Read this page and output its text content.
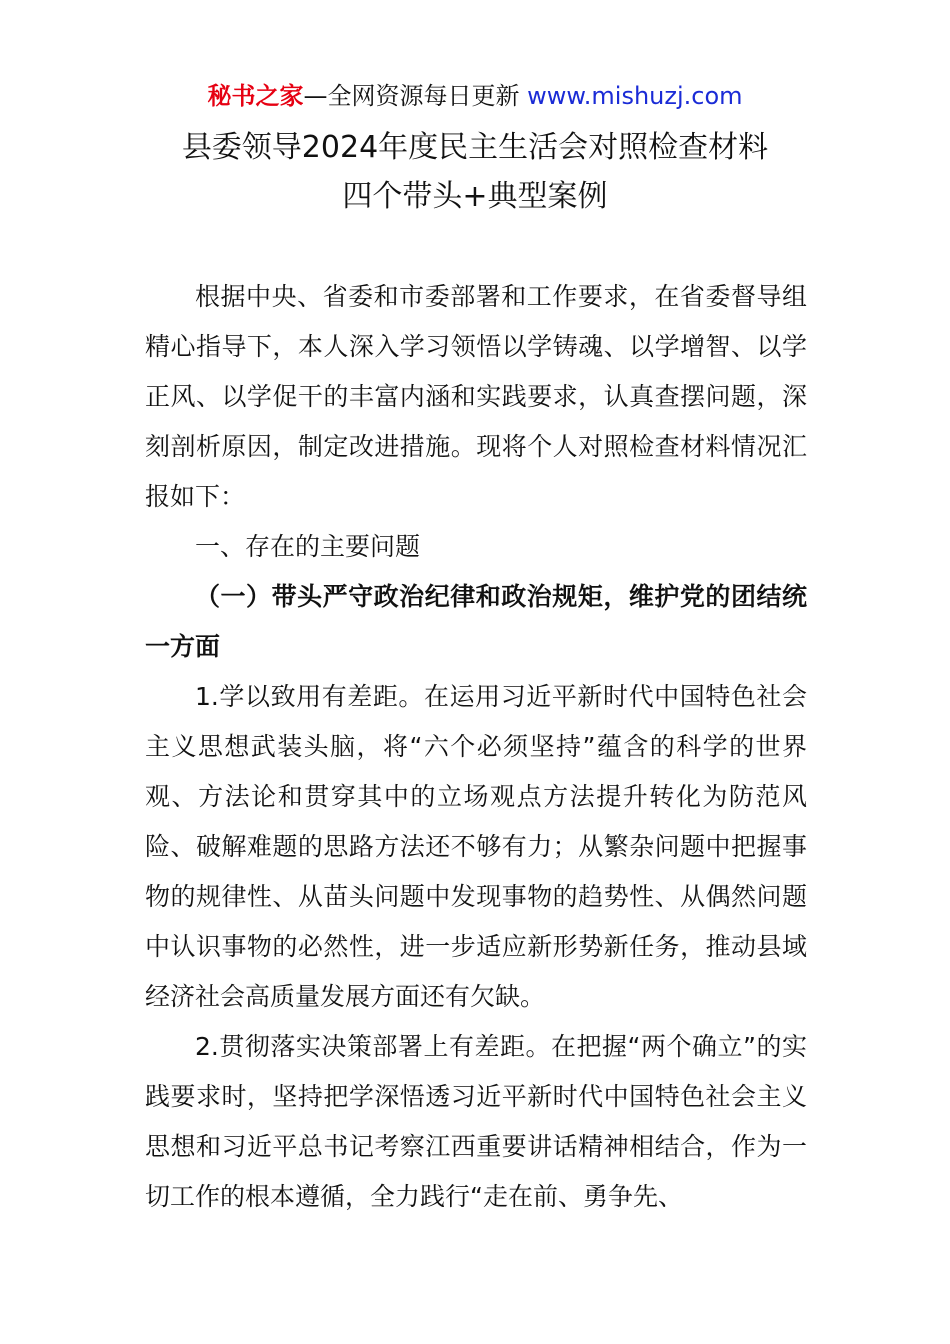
秘书之家—全网资源每日更新 www.mishuzj.com
县委领导2024年度民主生活会对照检查材料
四个带头+典型案例

根据中央、省委和市委部署和工作要求，在省委督导组精心指导下，本人深入学习领悟以学铸魂、以学增智、以学正风、以学促干的丰富内涵和实践要求，认真查摆问题，深刻剖析原因，制定改进措施。现将个人对照检查材料情况汇报如下：

一、存在的主要问题

（一）带头严守政治纪律和政治规矩，维护党的团结统一方面

1.学以致用有差距。在运用习近平新时代中国特色社会主义思想武装头脑，将“六个必须坚持”蕴含的科学的世界观、方法论和贯穿其中的立场观点方法提升转化为防范风险、破解难题的思路方法还不够有力；从繁杂问题中把握事物的规律性、从苗头问题中发现事物的趋势性、从偶然问题中认识事物的必然性，进一步适应新形势新任务，推动县域经济社会高质量发展方面还有欠缺。

2.贯彻落实决策部署上有差距。在把握“两个确立”的实践要求时，坚持把学深悟透习近平新时代中国特色社会主义思想和习近平总书记考察江西重要讲话精神相结合，作为一切工作的根本遵循，全力践行“走在前、勇争先、
